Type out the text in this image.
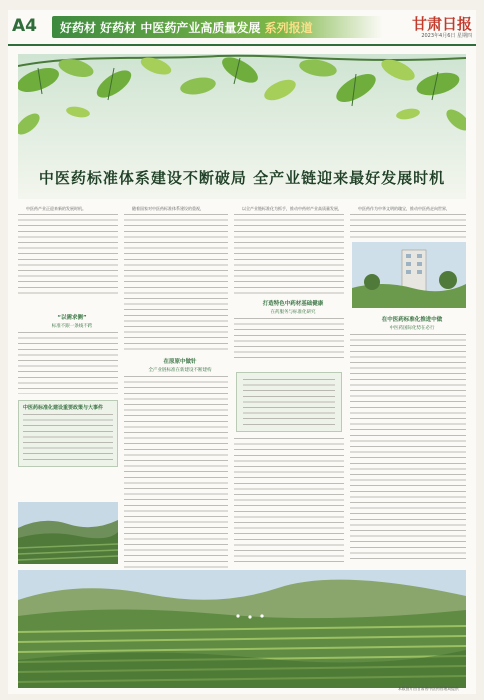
A4 好药材 好药材 中医药产业高质量发展 系列报道	甘肃日报
2023年4月6日 星期四
中医药标准体系建设不断破局 全产业链迎来最好发展时机

中医药产业正迎来新的发展时机。

“以需求侧”

标准不跟一条线不跨

中医药标准化建设重要政策与大事件

随着国家对中医药标准体系建设的重视，

在原原中做针

全产业链标准在新建设不断建构

以全产业链标准化为抓手，推动中药材产业高质量发展，

打造特色中药材基础健康

在药服务与标准化研究

中医药作为中华文明的瑰宝，推动中医药走向世界，

在中医药标准化推进中做

中医药国际化势在必行

本版图片由甘肃省中医药管理局提供
